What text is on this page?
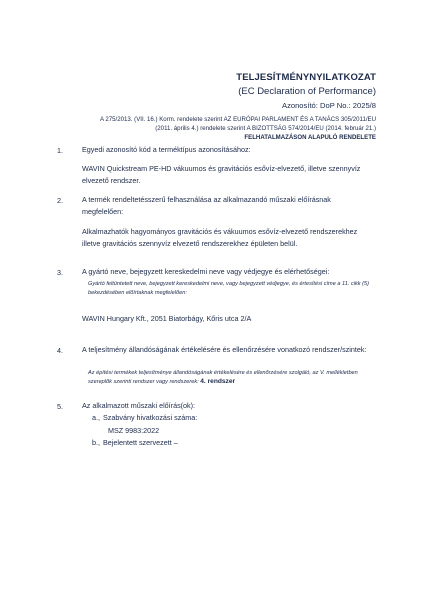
TELJESÍTMÉNYNYILATKOZAT

(EC Declaration of Performance)

Azonosító: DoP No.: 2025/8

A 275/2013. (VII. 16.) Korm. rendelete szerint AZ EURÓPAI PARLAMENT ÉS A TANÁCS 305/2011/EU

(2011. április 4.) rendelete szerint A BIZOTTSÁG 574/2014/EU (2014. február 21.)

FELHATALMAZÁSON ALAPULÓ RENDELETE

1.	Egyedi azonosító kód a terméktípus azonosításához:

WAVIN Quickstream PE-HD vákuumos és gravitációs esővíz-elvezető, illetve szennyvíz elvezető rendszer.

2.	A termék rendeltetésszerű felhasználása az alkalmazandó műszaki előírásnak megfelelően:

Alkalmazhatók hagyományos gravitációs és vákuumos esővíz-elvezető rendszerekhez illetve gravitációs szennyvíz elvezető rendszerekhez épületen belül.

3.	A gyártó neve, bejegyzett kereskedelmi neve vagy védjegye és elérhetőségei:

Gyártó feltüntetett neve, bejegyzett kereskedelmi neve, vagy bejegyzett védjegye, és értesítési címe a 11. cikk (5) bekezdésében előírtaknak megfelelően:

WAVIN Hungary Kft., 2051 Biatorbágy, Kőris utca 2/A

4.	A teljesítmény állandóságának értékelésére és ellenőrzésére vonatkozó rendszer/szintek:

Az építési termékek teljesítménye állandóságának értékelésére és ellenőrzésére szolgáló, az V. mellékletben szereplők szerinti rendszer vagy rendszerek: 4. rendszer

5.	Az alkalmazott műszaki előírás(ok):

a., Szabvány hivatkozási száma:

MSZ 9983:2022

b., Bejelentett szervezett –
